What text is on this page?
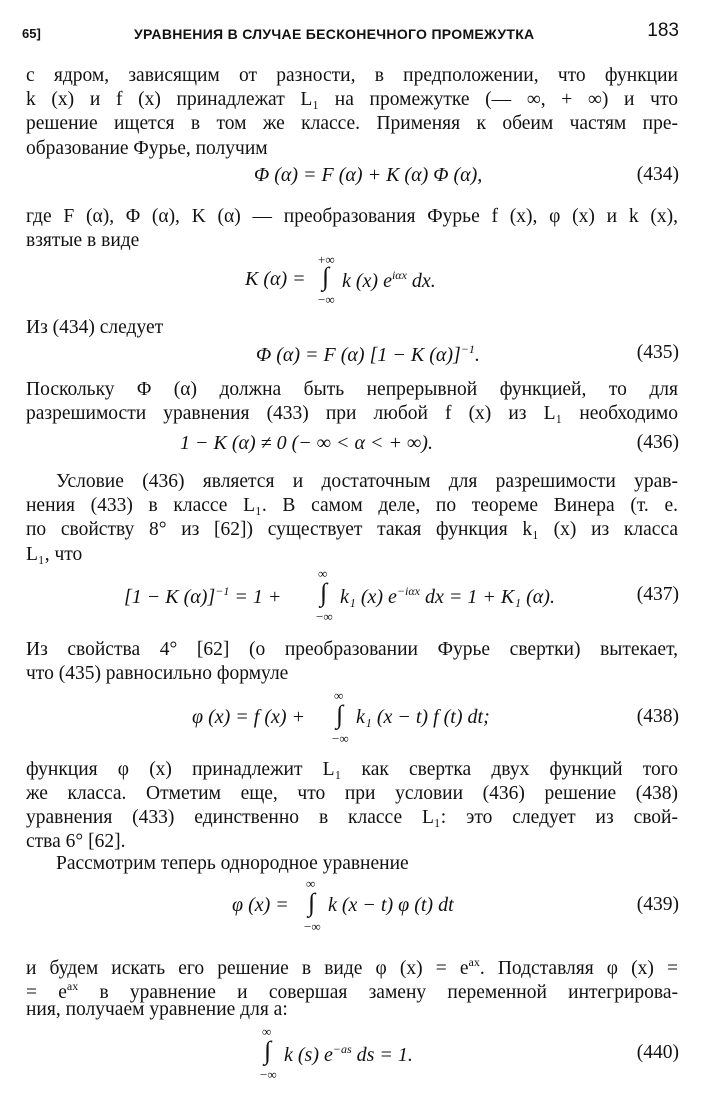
65]	УРАВНЕНИЯ В СЛУЧАЕ БЕСКОНЕЧНОГО ПРОМЕЖУТКА	183
с ядром, зависящим от разности, в предположении, что функции
k (x) и f (x) принадлежат L₁ на промежутке (— ∞, + ∞) и что
решение ищется в том же классе. Применяя к обеим частям пре-
образование Фурье, получим
Φ (α) = F (α) + K (α) Φ (α),	(434)
где F (α), Φ (α), K (α) — преобразования Фурье f (x), φ (x) и k (x),
взятые в виде
K (α) =
+∞
∫
−∞
k (x) $e^{i\alpha x}$ dx.
Из (434) следует
Φ (α) = F (α) [1 − K (α)]$^{-1}$.	(435)
Поскольку Φ (α) должна быть непрерывной функцией, то для
разрешимости уравнения (433) при любой f (x) из L₁ необходимо
1 − K (α) ≠ 0 (− ∞ < α < + ∞).	(436)
Условие (436) является и достаточным для разрешимости урав-
нения (433) в классе L₁. В самом деле, по теореме Винера (т. е.
по свойству 8° из [62]) существует такая функция k₁ (x) из класса
L₁, что
[1 − K (α)]$^{-1}$ = 1 +
∞
∫
−∞
k₁ (x) $e^{-i\alpha x}$ dx = 1 + K₁ (α).	(437)
Из свойства 4° [62] (о преобразовании Фурье свертки) вытекает,
что (435) равносильно формуле
φ (x) = f (x) +
∞
∫
−∞
k₁ (x − t) f (t) dt;	(438)
функция φ (x) принадлежит L₁ как свертка двух функций того
же класса. Отметим еще, что при условии (436) решение (438)
уравнения (433) единственно в классе L₁: это следует из свой-
ства 6° [62].
Рассмотрим теперь однородное уравнение
φ (x) =
∞
∫
−∞
k (x − t) φ (t) dt	(439)
и будем искать его решение в виде φ $(x) = e^{ax}$. Подставляя φ (x) =
= $e^{ax}$ в уравнение и совершая замену переменной интегрирова-
ния, получаем уравнение для a:
∞
∫
−∞
k (s) $e^{-as}$ ds = 1.	(440)
